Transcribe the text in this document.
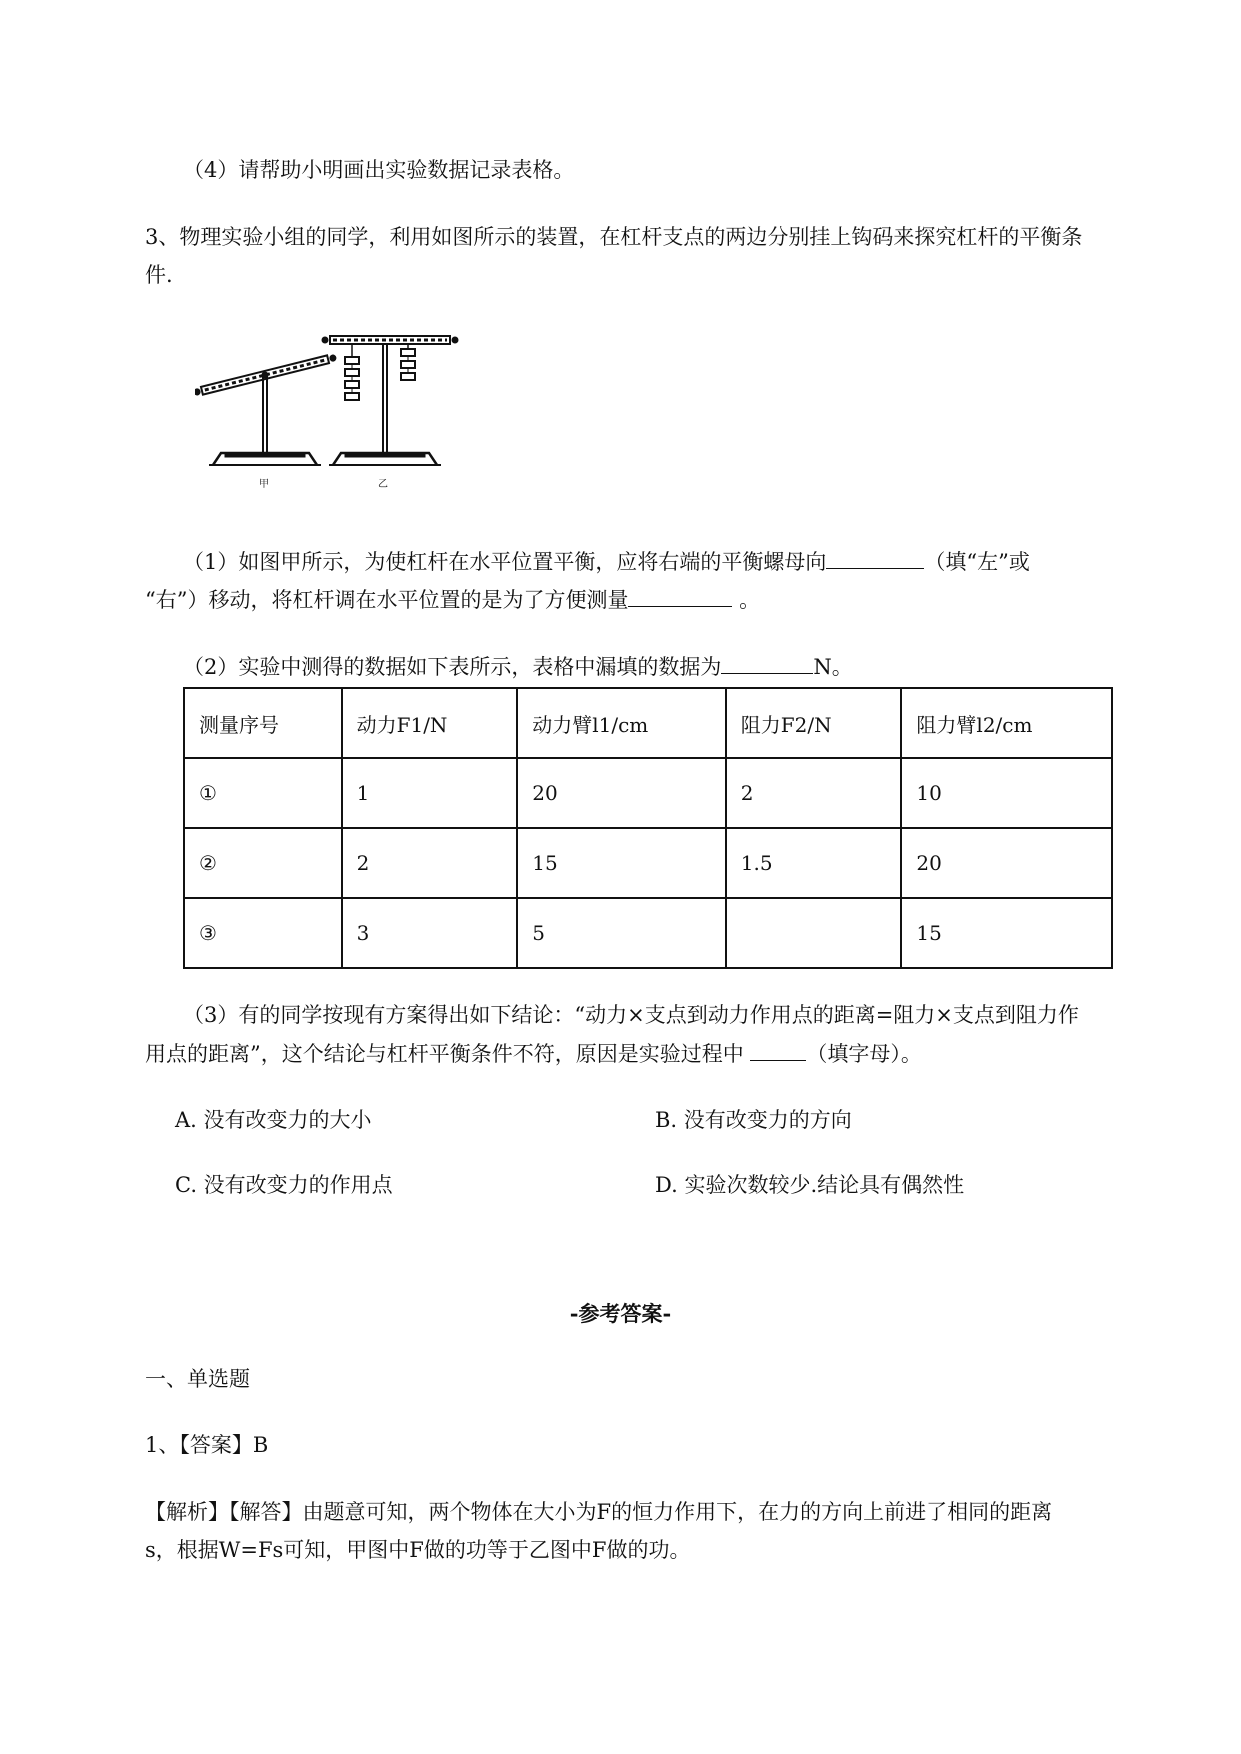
（4）请帮助小明画出实验数据记录表格。
3、物理实验小组的同学，利用如图所示的装置，在杠杆支点的两边分别挂上钩码来探究杠杆的平衡条
件.
甲	乙
（1）如图甲所示，为使杠杆在水平位置平衡，应将右端的平衡螺母向	（填“左”或
“右”）移动，将杠杆调在水平位置的是为了方便测量	。
（2）实验中测得的数据如下表所示，表格中漏填的数据为	N。
测量序号	动力F1/N	动力臂l1/cm	阻力F2/N	阻力臂l2/cm
①	1	20	2	10
②	2	15	1.5	20
③	3	5		15
（3）有的同学按现有方案得出如下结论：“动力×支点到动力作用点的距离=阻力×支点到阻力作
用点的距离”，这个结论与杠杆平衡条件不符，原因是实验过程中	（填字母）。
A. 没有改变力的大小	B. 没有改变力的方向
C. 没有改变力的作用点	D. 实验次数较少.结论具有偶然性
-参考答案-
一、单选题
1、【答案】B
【解析】【解答】由题意可知，两个物体在大小为F的恒力作用下，在力的方向上前进了相同的距离
s，根据W=Fs可知，甲图中F做的功等于乙图中F做的功。
